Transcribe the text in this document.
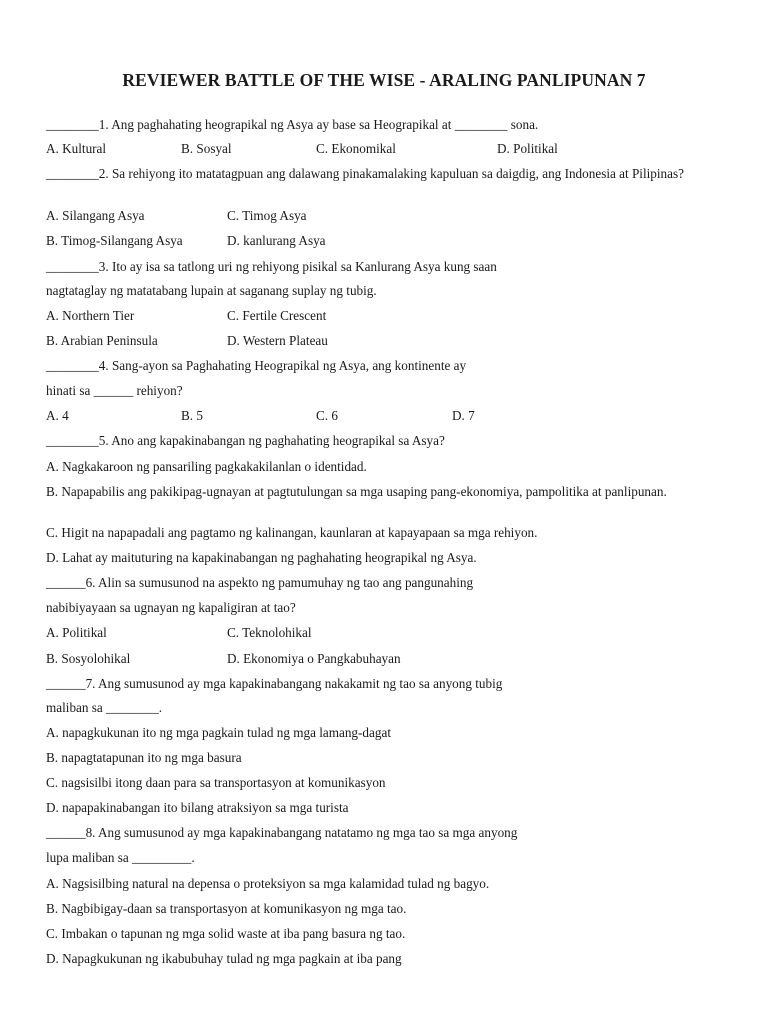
REVIEWER BATTLE OF THE WISE - ARALING PANLIPUNAN 7
________1. Ang paghahating heograpikal ng Asya ay base sa Heograpikal at ________ sona.
A. Kultural	B. Sosyal	C. Ekonomikal	D. Politikal
________2. Sa rehiyong ito matatagpuan ang dalawang pinakamalaking kapuluan sa daigdig, ang Indonesia at Pilipinas?
A. Silangang Asya	C. Timog Asya
B. Timog-Silangang Asya	D. kanlurang Asya
________3. Ito ay isa sa tatlong uri ng rehiyong pisikal sa Kanlurang Asya kung saan
nagtataglay ng matatabang lupain at saganang suplay ng tubig.
A. Northern Tier	C. Fertile Crescent
B. Arabian Peninsula	D. Western Plateau
________4. Sang-ayon sa Paghahating Heograpikal ng Asya, ang kontinente ay
hinati sa ______ rehiyon?
A. 4	B. 5	C. 6	D. 7
________5. Ano ang kapakinabangan ng paghahating heograpikal sa Asya?
A. Nagkakaroon ng pansariling pagkakakilanlan o identidad.
B. Napapabilis ang pakikipag-ugnayan at pagtutulungan sa mga usaping pang-ekonomiya, pampolitika at panlipunan.
C. Higit na napapadali ang pagtamo ng kalinangan, kaunlaran at kapayapaan sa mga rehiyon.
D. Lahat ay maituturing na kapakinabangan ng paghahating heograpikal ng Asya.
______6. Alin sa sumusunod na aspekto ng pamumuhay ng tao ang pangunahing
nabibiyayaan sa ugnayan ng kapaligiran at tao?
A. Politikal	C. Teknolohikal
B. Sosyolohikal	D. Ekonomiya o Pangkabuhayan
______7. Ang sumusunod ay mga kapakinabangang nakakamit ng tao sa anyong tubig
maliban sa ________.
A. napagkukunan ito ng mga pagkain tulad ng mga lamang-dagat
B. napagtatapunan ito ng mga basura
C. nagsisilbi itong daan para sa transportasyon at komunikasyon
D. napapakinabangan ito bilang atraksiyon sa mga turista
______8. Ang sumusunod ay mga kapakinabangang natatamo ng mga tao sa mga anyong
lupa maliban sa _________.
A. Nagsisilbing natural na depensa o proteksiyon sa mga kalamidad tulad ng bagyo.
B. Nagbibigay-daan sa transportasyon at komunikasyon ng mga tao.
C. Imbakan o tapunan ng mga solid waste at iba pang basura ng tao.
D. Napagkukunan ng ikabubuhay tulad ng mga pagkain at iba pang
